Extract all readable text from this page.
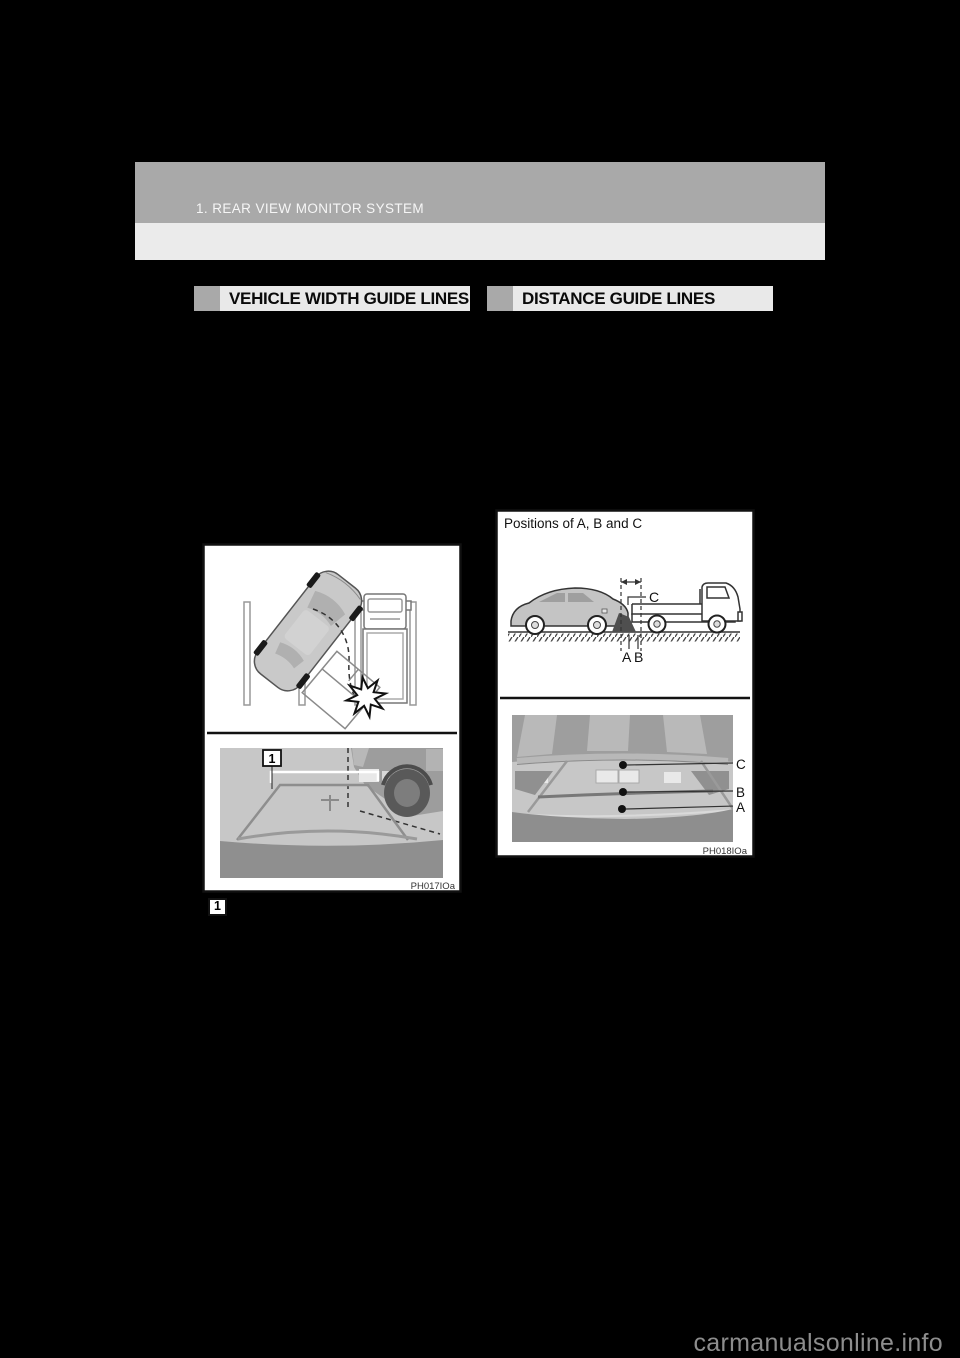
1. REAR VIEW MONITOR SYSTEM
VEHICLE WIDTH GUIDE LINES	DISTANCE GUIDE LINES
1
PH017IOa
1
Positions of A, B and C
C
A B
C
B
A
PH018IOa
carmanualsonline.info
